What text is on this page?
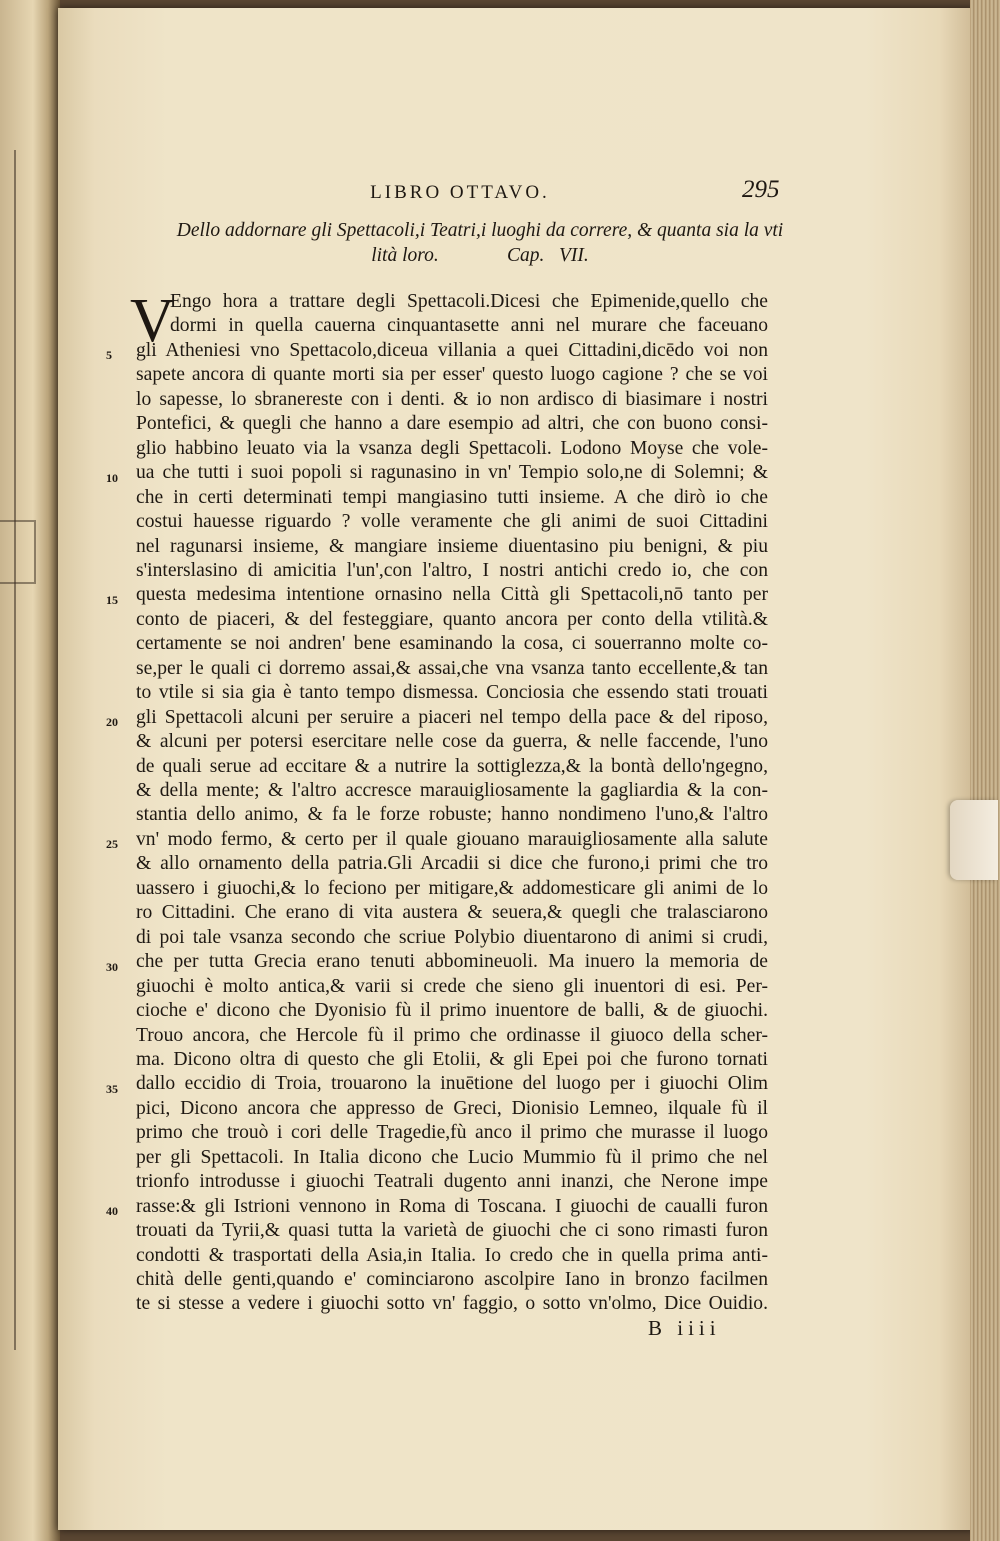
LIBRO OTTAVO.	295
Dello addornare gli Spettacoli,i Teatri,i luoghi da correre, & quanta sia la vti
lità loro.              Cap.   VII.
V
Engo hora a trattare degli Spettacoli.Dicesi che Epimenide,quello che
dormi in quella cauerna cinquantasette anni nel murare che faceuano
gli Atheniesi vno Spettacolo,diceua villania a quei Cittadini,dicēdo voi non
sapete ancora di quante morti sia per esser' questo luogo cagione ? che se voi
lo sapesse, lo sbranereste con i denti. & io non ardisco di biasimare i nostri
Pontefici, & quegli che hanno a dare esempio ad altri, che con buono consi-
glio habbino leuato via la vsanza degli Spettacoli. Lodono Moyse che vole-
ua che tutti i suoi popoli si ragunasino in vn' Tempio solo,ne di Solemni; &
che in certi determinati tempi mangiasino tutti insieme. A che dirò io che
costui hauesse riguardo ? volle veramente che gli animi de suoi Cittadini
nel ragunarsi insieme, & mangiare insieme diuentasino piu benigni, & piu
s'interslasino di amicitia l'un',con l'altro, I nostri antichi credo io, che con
questa medesima intentione ornasino nella Città gli Spettacoli,nō tanto per
conto de piaceri, & del festeggiare, quanto ancora per conto della vtilità.&
certamente se noi andren' bene esaminando la cosa, ci souerranno molte co-
se,per le quali ci dorremo assai,& assai,che vna vsanza tanto eccellente,& tan
to vtile si sia gia è tanto tempo dismessa. Conciosia che essendo stati trouati
gli Spettacoli alcuni per seruire a piaceri nel tempo della pace & del riposo,
& alcuni per potersi esercitare nelle cose da guerra, & nelle faccende, l'uno
de quali serue ad eccitare & a nutrire la sottiglezza,& la bontà dello'ngegno,
& della mente; & l'altro accresce marauigliosamente la gagliardia & la con-
stantia dello animo, & fa le forze robuste; hanno nondimeno l'uno,& l'altro
vn' modo fermo, & certo per il quale giouano marauigliosamente alla salute
& allo ornamento della patria.Gli Arcadii si dice che furono,i primi che tro
uassero i giuochi,& lo feciono per mitigare,& addomesticare gli animi de lo
ro Cittadini. Che erano di vita austera & seuera,& quegli che tralasciarono
di poi tale vsanza secondo che scriue Polybio diuentarono di animi si crudi,
che per tutta Grecia erano tenuti abbomineuoli. Ma inuero la memoria de
giuochi è molto antica,& varii si crede che sieno gli inuentori di esi. Per-
cioche e' dicono che Dyonisio fù il primo inuentore de balli, & de giuochi.
Trouo ancora, che Hercole fù il primo che ordinasse il giuoco della scher-
ma. Dicono oltra di questo che gli Etolii, & gli Epei poi che furono tornati
dallo eccidio di Troia, trouarono la inuētione del luogo per i giuochi Olim
pici, Dicono ancora che appresso de Greci, Dionisio Lemneo, ilquale fù il
primo che trouò i cori delle Tragedie,fù anco il primo che murasse il luogo
per gli Spettacoli. In Italia dicono che Lucio Mummio fù il primo che nel
trionfo introdusse i giuochi Teatrali dugento anni inanzi, che Nerone impe
rasse:& gli Istrioni vennono in Roma di Toscana. I giuochi de caualli furon
trouati da Tyrii,& quasi tutta la varietà de giuochi che ci sono rimasti furon
condotti & trasportati della Asia,in Italia. Io credo che in quella prima anti-
chità delle genti,quando e' cominciarono ascolpire Iano in bronzo facilmen
te si stesse a vedere i giuochi sotto vn' faggio, o sotto vn'olmo, Dice Ouidio.
5
10
15
20
25
30
35
40
B iiii
